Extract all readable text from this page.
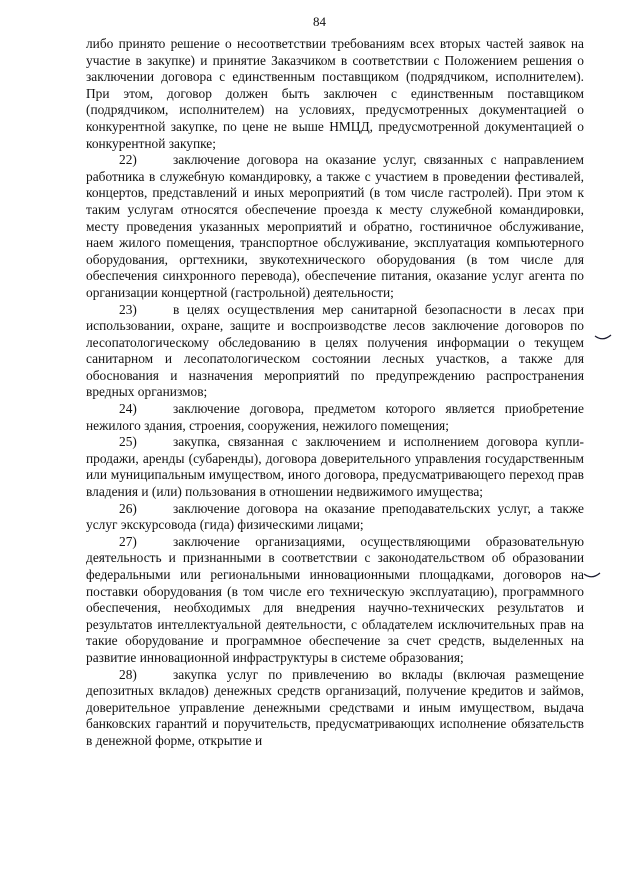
84

либо принято решение о несоответствии требованиям всех вторых частей заявок на участие в закупке) и принятие Заказчиком в соответствии с Положением решения о заключении договора с единственным поставщиком (подрядчиком, исполнителем). При этом, договор должен быть заключен с единственным поставщиком (подрядчиком, исполнителем) на условиях, предусмотренных документацией о конкурентной закупке, по цене не выше НМЦД, предусмотренной документацией о конкурентной закупке;

22)	заключение договора на оказание услуг, связанных с направлением работника в служебную командировку, а также с участием в проведении фестивалей, концертов, представлений и иных мероприятий (в том числе гастролей). При этом к таким услугам относятся обеспечение проезда к месту служебной командировки, месту проведения указанных мероприятий и обратно, гостиничное обслуживание, наем жилого помещения, транспортное обслуживание, эксплуатация компьютерного оборудования, оргтехники, звукотехнического оборудования (в том числе для обеспечения синхронного перевода), обеспечение питания, оказание услуг агента по организации концертной (гастрольной) деятельности;

23)	в целях осуществления мер санитарной безопасности в лесах при использовании, охране, защите и воспроизводстве лесов заключение договоров по лесопатологическому обследованию в целях получения информации о текущем санитарном и лесопатологическом состоянии лесных участков, а также для обоснования и назначения мероприятий по предупреждению распространения вредных организмов;

24)	заключение договора, предметом которого является приобретение нежилого здания, строения, сооружения, нежилого помещения;

25)	закупка, связанная с заключением и исполнением договора купли-продажи, аренды (субаренды), договора доверительного управления государственным или муниципальным имуществом, иного договора, предусматривающего переход прав владения и (или) пользования в отношении недвижимого имущества;

26)	заключение договора на оказание преподавательских услуг, а также услуг экскурсовода (гида) физическими лицами;

27)	заключение организациями, осуществляющими образовательную деятельность и признанными в соответствии с законодательством об образовании федеральными или региональными инновационными площадками, договоров на поставки оборудования (в том числе его техническую эксплуатацию), программного обеспечения, необходимых для внедрения научно-технических результатов и результатов интеллектуальной деятельности, с обладателем исключительных прав на такие оборудование и программное обеспечение за счет средств, выделенных на развитие инновационной инфраструктуры в системе образования;

28)	закупка услуг по привлечению во вклады (включая размещение депозитных вкладов) денежных средств организаций, получение кредитов и займов, доверительное управление денежными средствами и иным имуществом, выдача банковских гарантий и поручительств, предусматривающих исполнение обязательств в денежной форме, открытие и
